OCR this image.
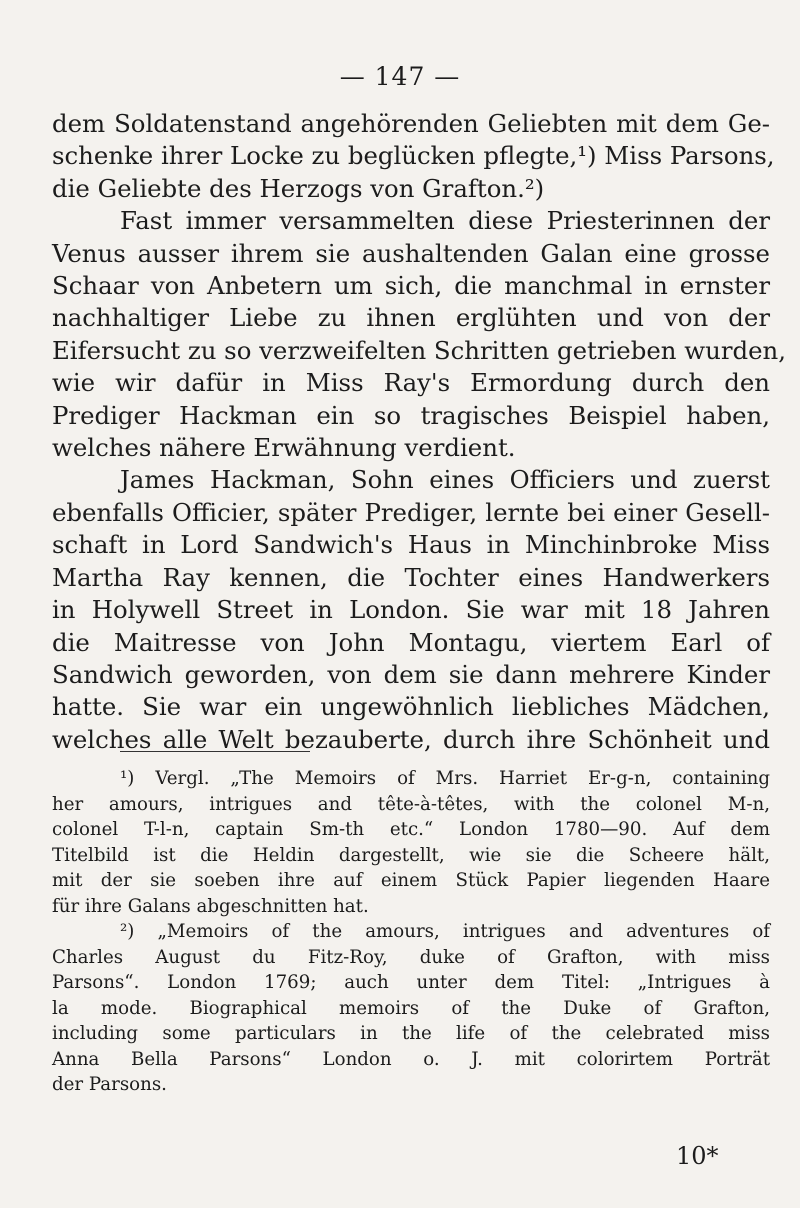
— 147 —
dem Soldatenstand angehörenden Geliebten mit dem Ge-
schenke ihrer Locke zu beglücken pflegte,¹) Miss Parsons,
die Geliebte des Herzogs von Grafton.²)
Fast immer versammelten diese Priesterinnen der
Venus ausser ihrem sie aushaltenden Galan eine grosse
Schaar von Anbetern um sich, die manchmal in ernster
nachhaltiger Liebe zu ihnen erglühten und von der
Eifersucht zu so verzweifelten Schritten getrieben wurden,
wie wir dafür in Miss Ray's Ermordung durch den
Prediger Hackman ein so tragisches Beispiel haben,
welches nähere Erwähnung verdient.
James Hackman, Sohn eines Officiers und zuerst
ebenfalls Officier, später Prediger, lernte bei einer Gesell-
schaft in Lord Sandwich's Haus in Minchinbroke Miss
Martha Ray kennen, die Tochter eines Handwerkers
in Holywell Street in London. Sie war mit 18 Jahren
die Maitresse von John Montagu, viertem Earl of
Sandwich geworden, von dem sie dann mehrere Kinder
hatte. Sie war ein ungewöhnlich liebliches Mädchen,
welches alle Welt bezauberte, durch ihre Schönheit und
¹) Vergl. „The Memoirs of Mrs. Harriet Er-g-n, containing
her amours, intrigues and tête-à-têtes, with the colonel M-n,
colonel T-l-n, captain Sm-th etc.“ London 1780—90. Auf dem
Titelbild ist die Heldin dargestellt, wie sie die Scheere hält,
mit der sie soeben ihre auf einem Stück Papier liegenden Haare
für ihre Galans abgeschnitten hat.
²) „Memoirs of the amours, intrigues and adventures of
Charles August du Fitz-Roy, duke of Grafton, with miss
Parsons“. London 1769; auch unter dem Titel: „Intrigues à
la mode. Biographical memoirs of the Duke of Grafton,
including some particulars in the life of the celebrated miss
Anna Bella Parsons“ London o. J. mit colorirtem Porträt
der Parsons.
10*
